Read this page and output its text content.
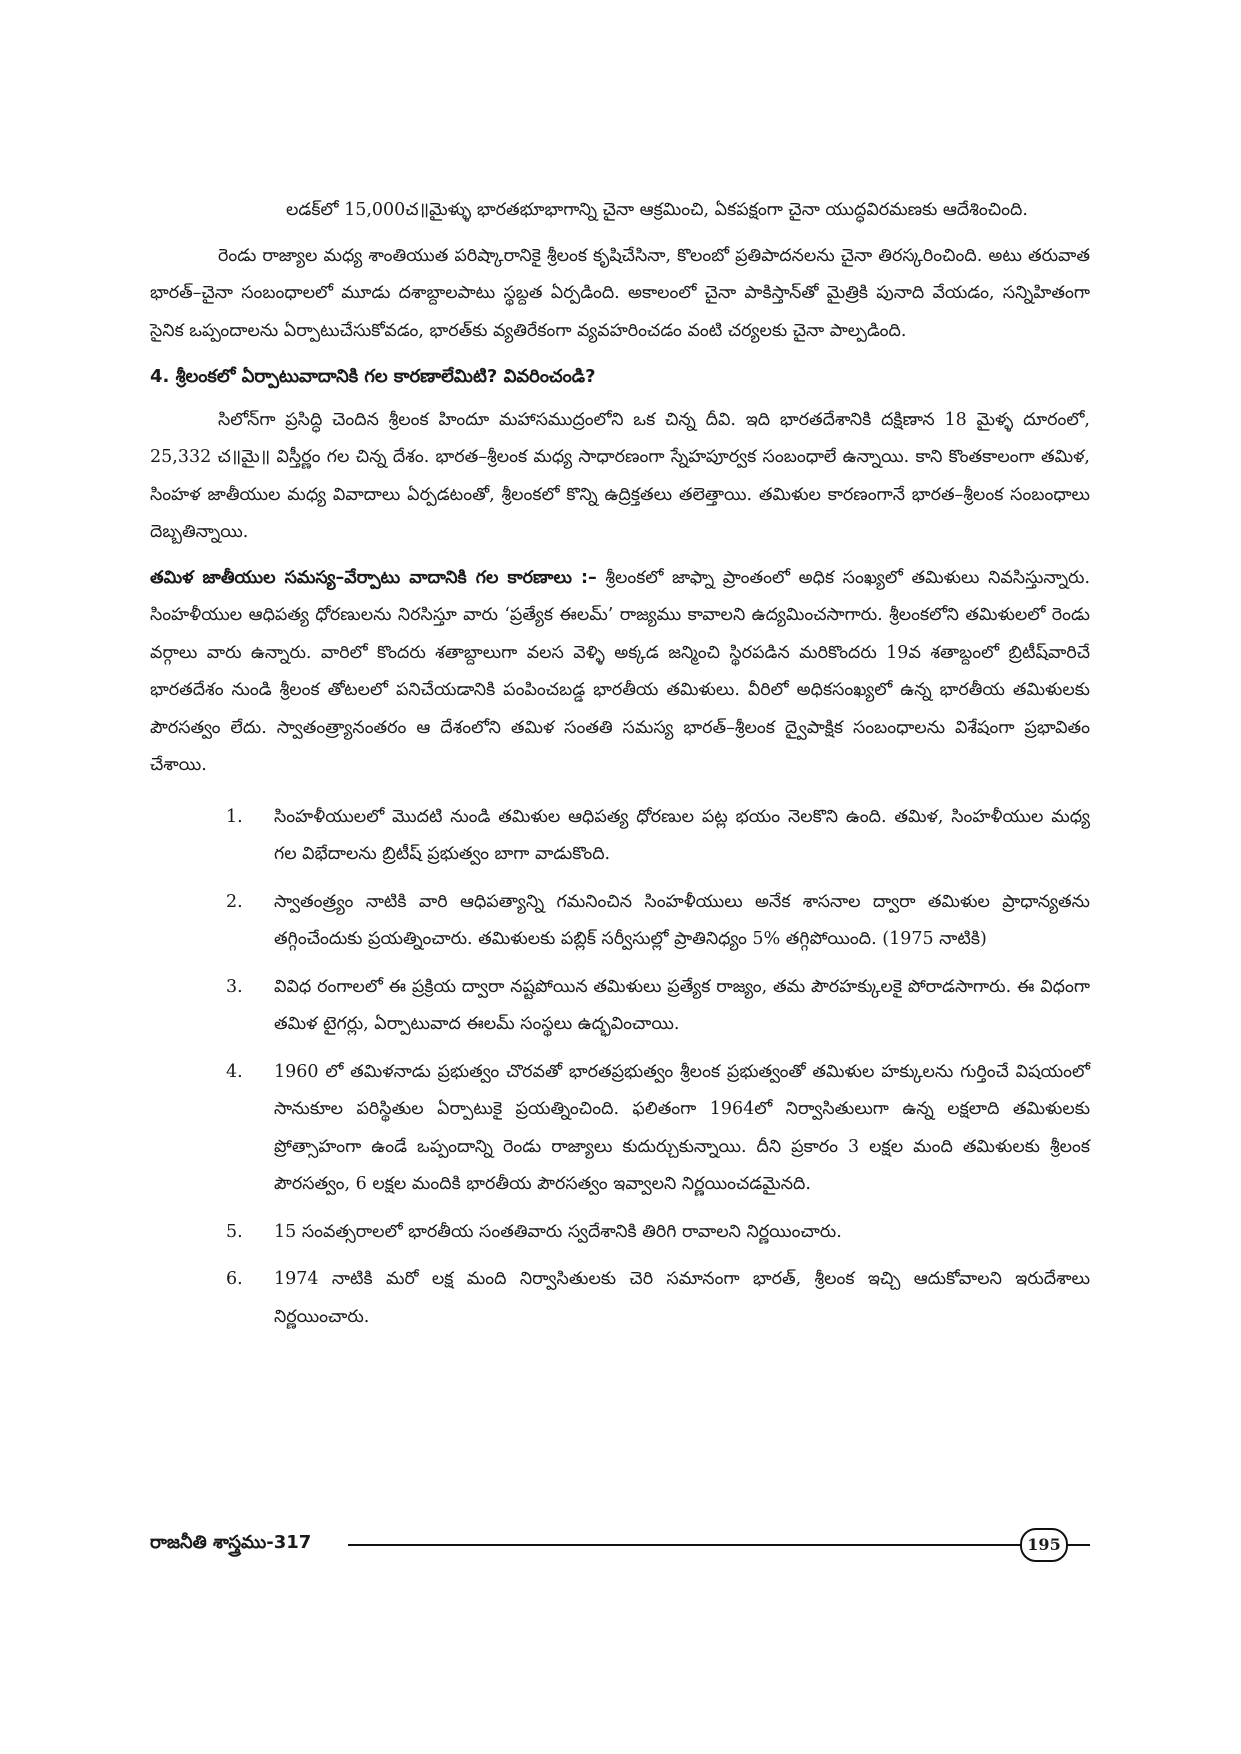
లడక్‌లో 15,000చ॥మైళ్ళు భారతభూభాగాన్ని చైనా ఆక్రమించి, ఏకపక్షంగా చైనా యుద్ధవిరమణకు ఆదేశించింది.

రెండు రాజ్యాల మధ్య శాంతియుత పరిష్కారానికై శ్రీలంక కృషిచేసినా, కొలంబో ప్రతిపాదనలను చైనా తిరస్కరించింది. అటు తరువాత భారత్–చైనా సంబంధాలలో మూడు దశాబ్దాలపాటు స్థబ్దత ఏర్పడింది. అకాలంలో చైనా పాకిస్తాన్‌తో మైత్రికి పునాది వేయడం, సన్నిహితంగా సైనిక ఒప్పందాలను ఏర్పాటుచేసుకోవడం, భారత్‌కు వ్యతిరేకంగా వ్యవహరించడం వంటి చర్యలకు చైనా పాల్పడింది.

4. శ్రీలంకలో ఏర్పాటువాదానికి గల కారణాలేమిటి? వివరించండి?

సిలోన్‌గా ప్రసిద్ధి చెందిన శ్రీలంక హిందూ మహాసముద్రంలోని ఒక చిన్న దీవి. ఇది భారతదేశానికి దక్షిణాన 18 మైళ్ళ దూరంలో, 25,332 చ॥మై॥ విస్తీర్ణం గల చిన్న దేశం. భారత–శ్రీలంక మధ్య సాధారణంగా స్నేహపూర్వక సంబంధాలే ఉన్నాయి. కాని కొంతకాలంగా తమిళ, సింహళ జాతీయుల మధ్య వివాదాలు ఏర్పడటంతో, శ్రీలంకలో కొన్ని ఉద్రిక్తతలు తలెత్తాయి. తమిళుల కారణంగానే భారత–శ్రీలంక సంబంధాలు దెబ్బతిన్నాయి.

తమిళ జాతీయుల సమస్య–వేర్పాటు వాదానికి గల కారణాలు :– శ్రీలంకలో జాఫ్నా ప్రాంతంలో అధిక సంఖ్యలో తమిళులు నివసిస్తున్నారు. సింహళీయుల ఆధిపత్య ధోరణులను నిరసిస్తూ వారు ‘ప్రత్యేక ఈలమ్’ రాజ్యము కావాలని ఉద్యమించసాగారు. శ్రీలంకలోని తమిళులలో రెండు వర్గాలు వారు ఉన్నారు. వారిలో కొందరు శతాబ్దాలుగా వలస వెళ్ళి అక్కడ జన్మించి స్థిరపడిన మరికొందరు 19వ శతాబ్దంలో బ్రిటీష్‌వారిచే భారతదేశం నుండి శ్రీలంక తోటలలో పనిచేయడానికి పంపించబడ్డ భారతీయ తమిళులు. వీరిలో అధికసంఖ్యలో ఉన్న భారతీయ తమిళులకు పౌరసత్వం లేదు. స్వాతంత్ర్యానంతరం ఆ దేశంలోని తమిళ సంతతి సమస్య భారత్–శ్రీలంక ద్వైపాక్షిక సంబంధాలను విశేషంగా ప్రభావితం చేశాయి.

1. సింహళీయులలో మొదటి నుండి తమిళుల ఆధిపత్య ధోరణుల పట్ల భయం నెలకొని ఉంది. తమిళ, సింహళీయుల మధ్య గల విభేదాలను బ్రిటీష్ ప్రభుత్వం బాగా వాడుకొంది.
2. స్వాతంత్ర్యం నాటికి వారి ఆధిపత్యాన్ని గమనించిన సింహళీయులు అనేక శాసనాల ద్వారా తమిళుల ప్రాధాన్యతను తగ్గించేందుకు ప్రయత్నించారు. తమిళులకు పబ్లిక్ సర్వీసుల్లో ప్రాతినిధ్యం 5% తగ్గిపోయింది. (1975 నాటికి)
3. వివిధ రంగాలలో ఈ ప్రక్రియ ద్వారా నష్టపోయిన తమిళులు ప్రత్యేక రాజ్యం, తమ పౌరహక్కులకై పోరాడసాగారు. ఈ విధంగా తమిళ టైగర్లు, ఏర్పాటువాద ఈలమ్ సంస్థలు ఉద్భవించాయి.
4. 1960 లో తమిళనాడు ప్రభుత్వం చొరవతో భారతప్రభుత్వం శ్రీలంక ప్రభుత్వంతో తమిళుల హక్కులను గుర్తించే విషయంలో సానుకూల పరిస్థితుల ఏర్పాటుకై ప్రయత్నించింది. ఫలితంగా 1964లో నిర్వాసితులుగా ఉన్న లక్షలాది తమిళులకు ప్రోత్సాహంగా ఉండే ఒప్పందాన్ని రెండు రాజ్యాలు కుదుర్చుకున్నాయి. దీని ప్రకారం 3 లక్షల మంది తమిళులకు శ్రీలంక పౌరసత్వం, 6 లక్షల మందికి భారతీయ పౌరసత్వం ఇవ్వాలని నిర్ణయించడమైనది.
5. 15 సంవత్సరాలలో భారతీయ సంతతివారు స్వదేశానికి తిరిగి రావాలని నిర్ణయించారు.
6. 1974 నాటికి మరో లక్ష మంది నిర్వాసితులకు చెరి సమానంగా భారత్, శ్రీలంక ఇచ్చి ఆదుకోవాలని ఇరుదేశాలు నిర్ణయించారు.
రాజనీతి శాస్త్రము-317	195
